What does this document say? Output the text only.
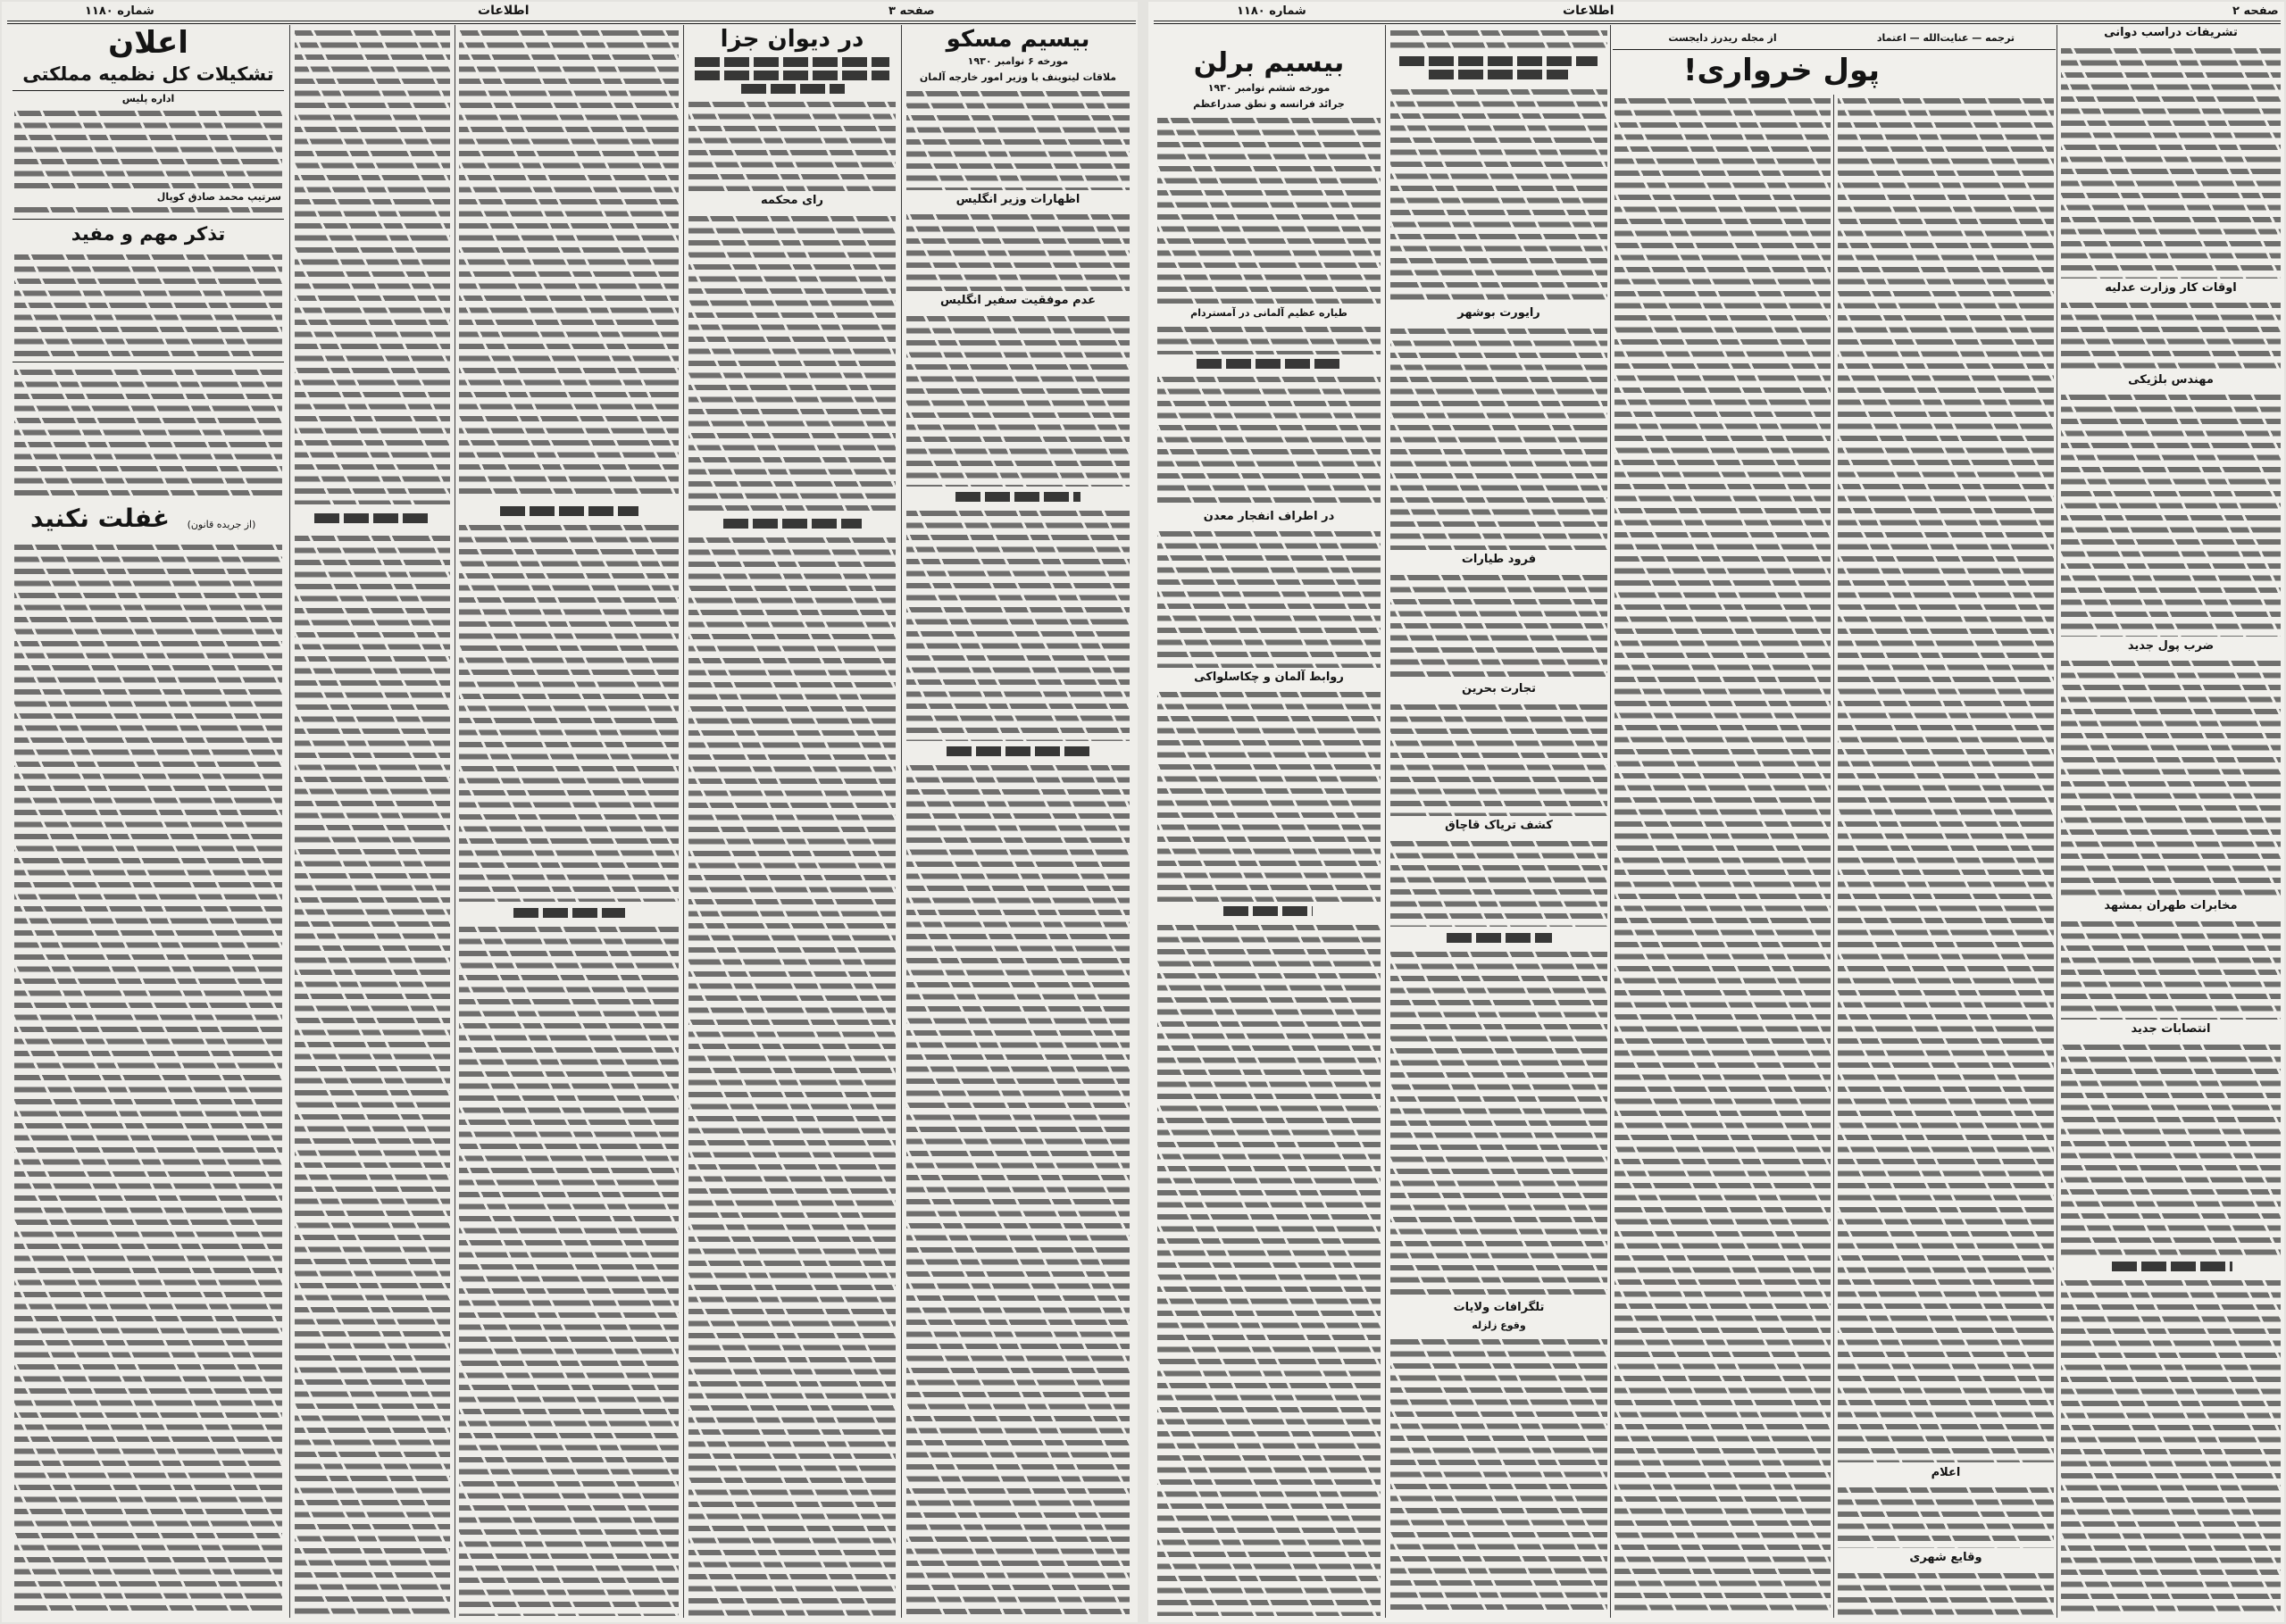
شماره ۱۱۸۰	اطلاعات	صفحه ۳
اعلان
تشکیلات کل نظمیه مملکتی
اداره پلیس
سرتیپ محمد صادق کوپال
تذکر مهم و مفید
غفلت نکنید	(از جریده قانون)
در دیوان جزا
رای محکمه
بیسیم مسکو
مورخه ۶ نوامبر ۱۹۳۰
ملاقات لیتوینف با وزیر امور خارجه آلمان
اظهارات وزیر انگلیس
عدم موفقیت سفیر انگلیس
شماره ۱۱۸۰	اطلاعات	صفحه ۲
بیسیم برلن
مورخه ششم نوامبر ۱۹۳۰
جرائد فرانسه و نطق صدراعظم
طیاره عظیم آلمانی در آمستردام
در اطراف انفجار معدن
روابط آلمان و چکاسلواکی
رایورت بوشهر
فرود طیارات
تجارت بحرین
کشف تریاک قاچاق
تلگرافات ولایات
وقوع زلزله
از مجله ریدرز دایجست	ترجمه — عنایت‌الله — اعتماد
پول خرواری!
اعلام
وقایع شهری
تشریفات دراسب دوانی
اوقات کار وزارت عدلیه
مهندس بلژیکی
ضرب پول جدید
مخابرات طهران بمشهد
انتصابات جدید
